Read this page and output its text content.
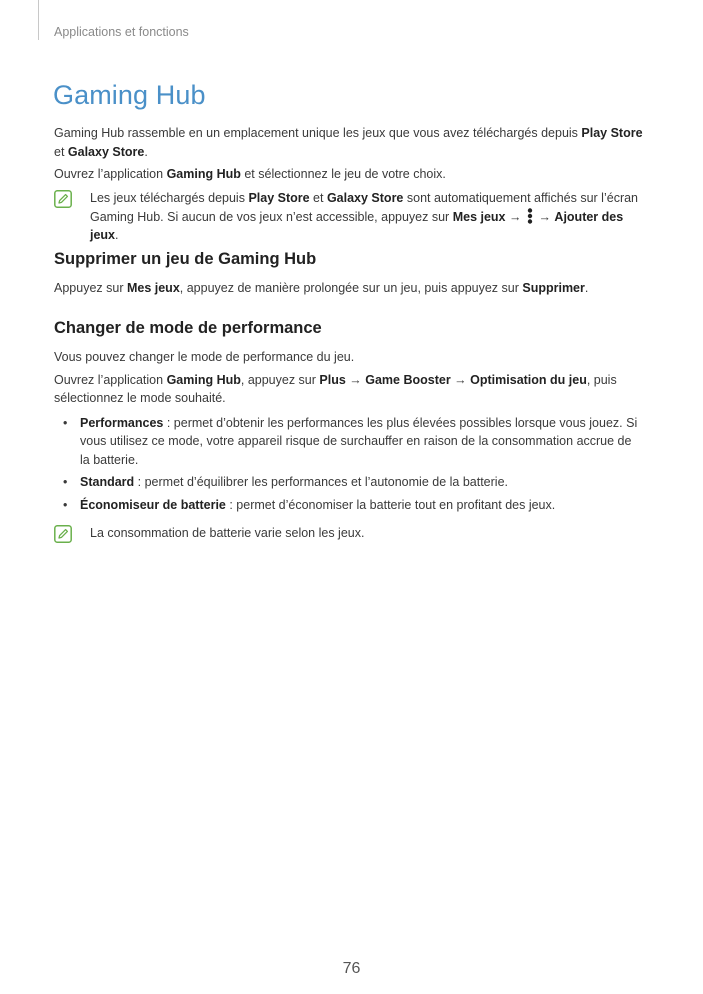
Applications et fonctions
Gaming Hub

Gaming Hub rassemble en un emplacement unique les jeux que vous avez téléchargés depuis Play Store et Galaxy Store.

Ouvrez l’application Gaming Hub et sélectionnez le jeu de votre choix.

Les jeux téléchargés depuis Play Store et Galaxy Store sont automatiquement affichés sur l’écran Gaming Hub. Si aucun de vos jeux n’est accessible, appuyez sur Mes jeux →  → Ajouter des jeux.
Supprimer un jeu de Gaming Hub

Appuyez sur Mes jeux, appuyez de manière prolongée sur un jeu, puis appuyez sur Supprimer.

Changer de mode de performance

Vous pouvez changer le mode de performance du jeu.

Ouvrez l’application Gaming Hub, appuyez sur Plus → Game Booster → Optimisation du jeu, puis sélectionnez le mode souhaité.

• Performances : permet d’obtenir les performances les plus élevées possibles lorsque vous jouez. Si vous utilisez ce mode, votre appareil risque de surchauffer en raison de la consommation accrue de la batterie.
• Standard : permet d’équilibrer les performances et l’autonomie de la batterie.
• Économiseur de batterie : permet d’économiser la batterie tout en profitant des jeux.
La consommation de batterie varie selon les jeux.
76
